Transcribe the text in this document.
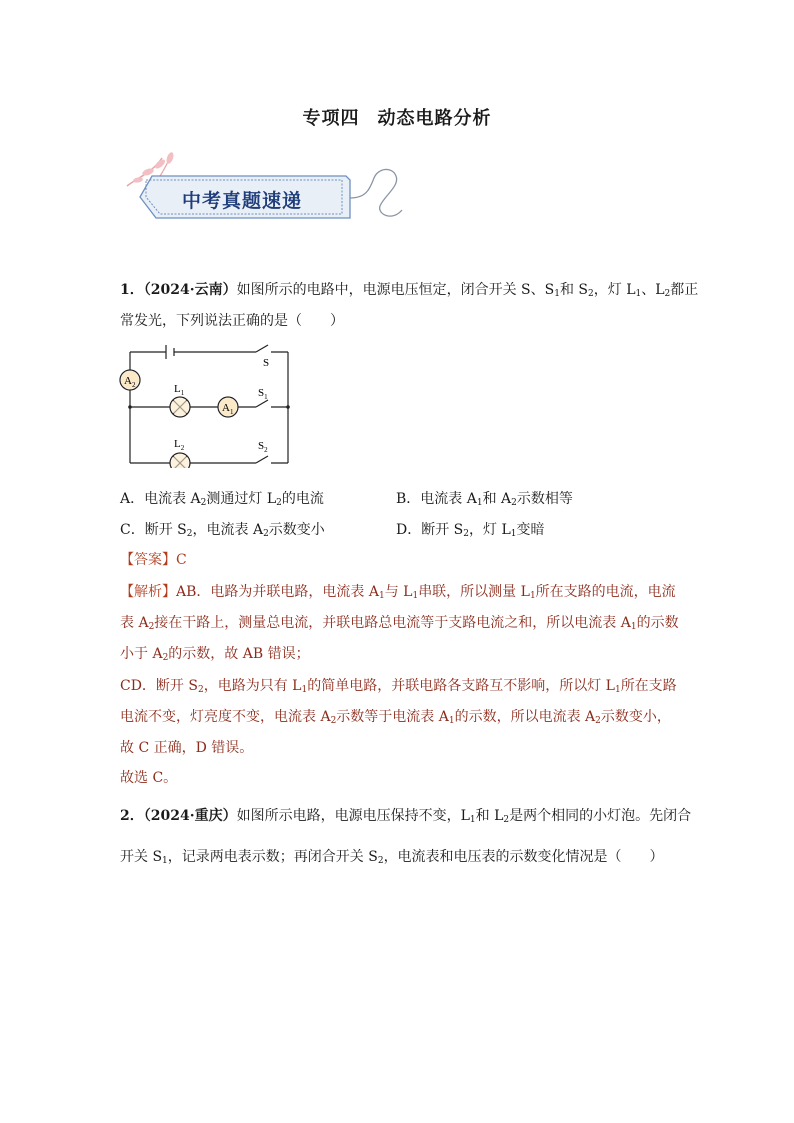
专项四 动态电路分析
中考真题速递
1．（2024·云南）如图所示的电路中，电源电压恒定，闭合开关 S、$S_1$和 $S_2$，灯 $L_1$、$L_2$都正
常发光，下列说法正确的是（　　）
S
$S_1$
$S_2$
$L_1$
$L_2$
$A_1$
$A_2$
A．电流表 $A_2$测通过灯 $L_2$的电流	B．电流表 $A_1$和 $A_2$示数相等
C．断开 $S_2$，电流表 $A_2$示数变小	D．断开 $S_2$，灯 $L_1$变暗
【答案】C
【解析】AB．电路为并联电路，电流表 $A_1$与 $L_1$串联，所以测量 $L_1$所在支路的电流，电流
表 $A_2$接在干路上，测量总电流，并联电路总电流等于支路电流之和，所以电流表 $A_1$的示数
小于 $A_2$的示数，故 AB 错误；
CD．断开 $S_2$，电路为只有 $L_1$的简单电路，并联电路各支路互不影响，所以灯 $L_1$所在支路
电流不变，灯亮度不变，电流表 $A_2$示数等于电流表 $A_1$的示数，所以电流表 $A_2$示数变小，
故 C 正确，D 错误。
故选 C。
2．（2024·重庆）如图所示电路，电源电压保持不变，$L_1$和 $L_2$是两个相同的小灯泡。先闭合
开关 $S_1$，记录两电表示数；再闭合开关 $S_2$，电流表和电压表的示数变化情况是（　　）
